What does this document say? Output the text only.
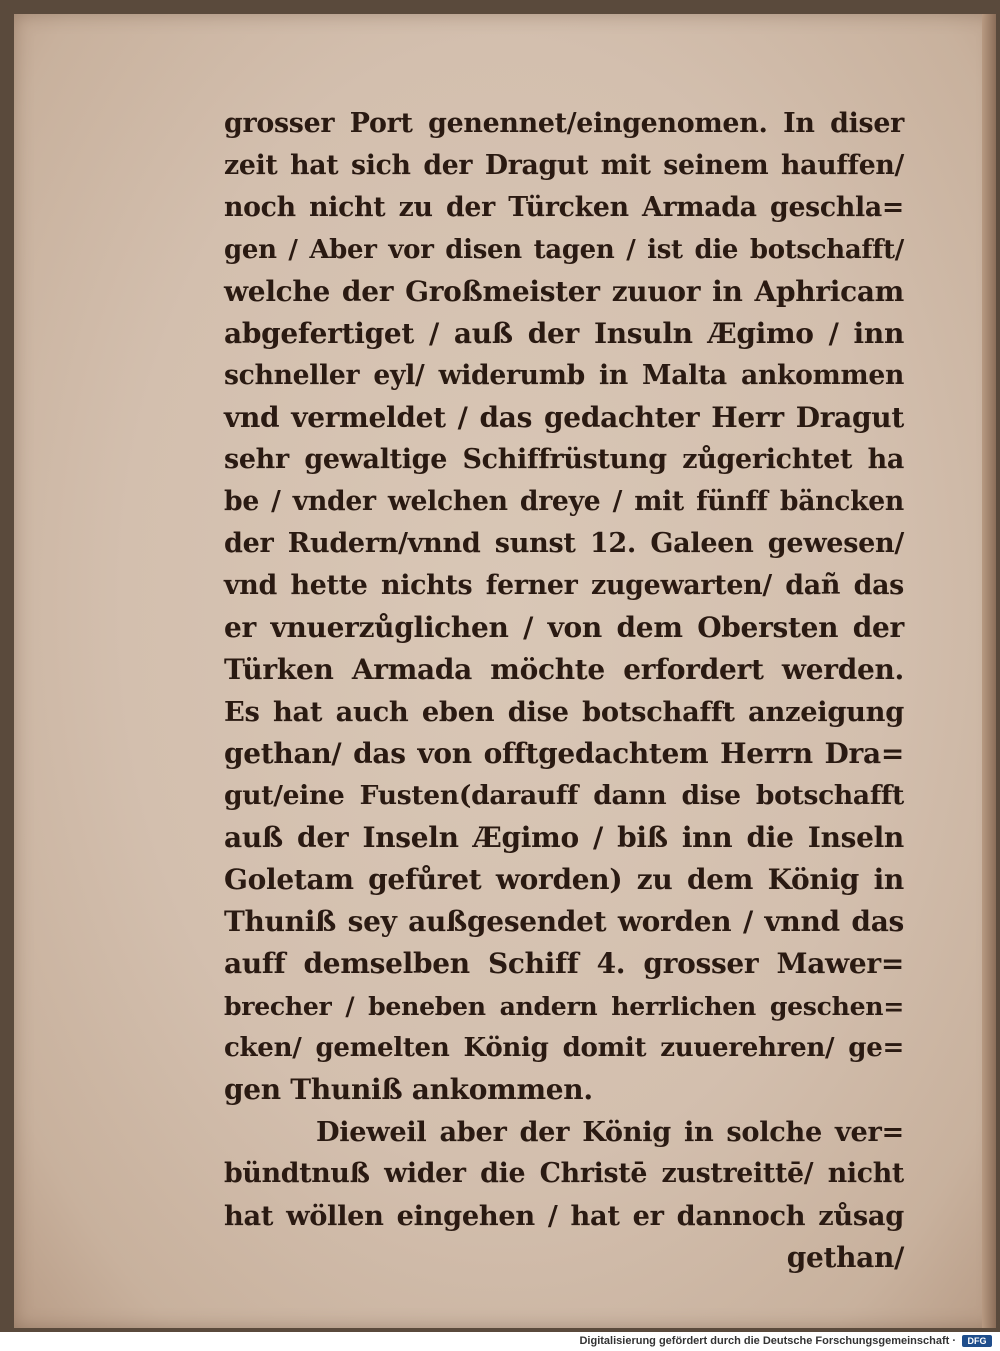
grosser Port genennet/eingenomen. In diser
zeit hat sich der Dragut mit seinem hauffen/
noch nicht zu der Türcken Armada geschla=
gen / Aber vor disen tagen / ist die botschafft/
welche der Großmeister zuuor in Aphricam
abgefertiget / auß der Insuln Ægimo / inn
schneller eyl/ widerumb in Malta ankommen
vnd vermeldet / das gedachter Herr Dragut
sehr gewaltige Schiffrüstung zůgerichtet ha
be / vnder welchen dreye / mit fünff bäncken
der Rudern/vnnd sunst 12. Galeen gewesen/
vnd hette nichts ferner zugewarten/ dañ das
er vnuerzůglichen / von dem Obersten der
Türken Armada möchte erfordert werden.
Es hat auch eben dise botschafft anzeigung
gethan/ das von offtgedachtem Herrn Dra=
gut/eine Fusten(darauff dann dise botschafft
auß der Inseln Ægimo / biß inn die Inseln
Goletam gefůret worden) zu dem König in
Thuniß sey außgesendet worden / vnnd das
auff demselben Schiff 4. grosser Mawer=
brecher / beneben andern herrlichen geschen=
cken/ gemelten König domit zuuerehren/ ge=
gen Thuniß ankommen.
Dieweil aber der König in solche ver=
bündtnuß wider die Christē zustreittē/ nicht
hat wöllen eingehen / hat er dannoch zůsag
gethan/
Digitalisierung gefördert durch die Deutsche Forschungsgemeinschaft ·	DFG
